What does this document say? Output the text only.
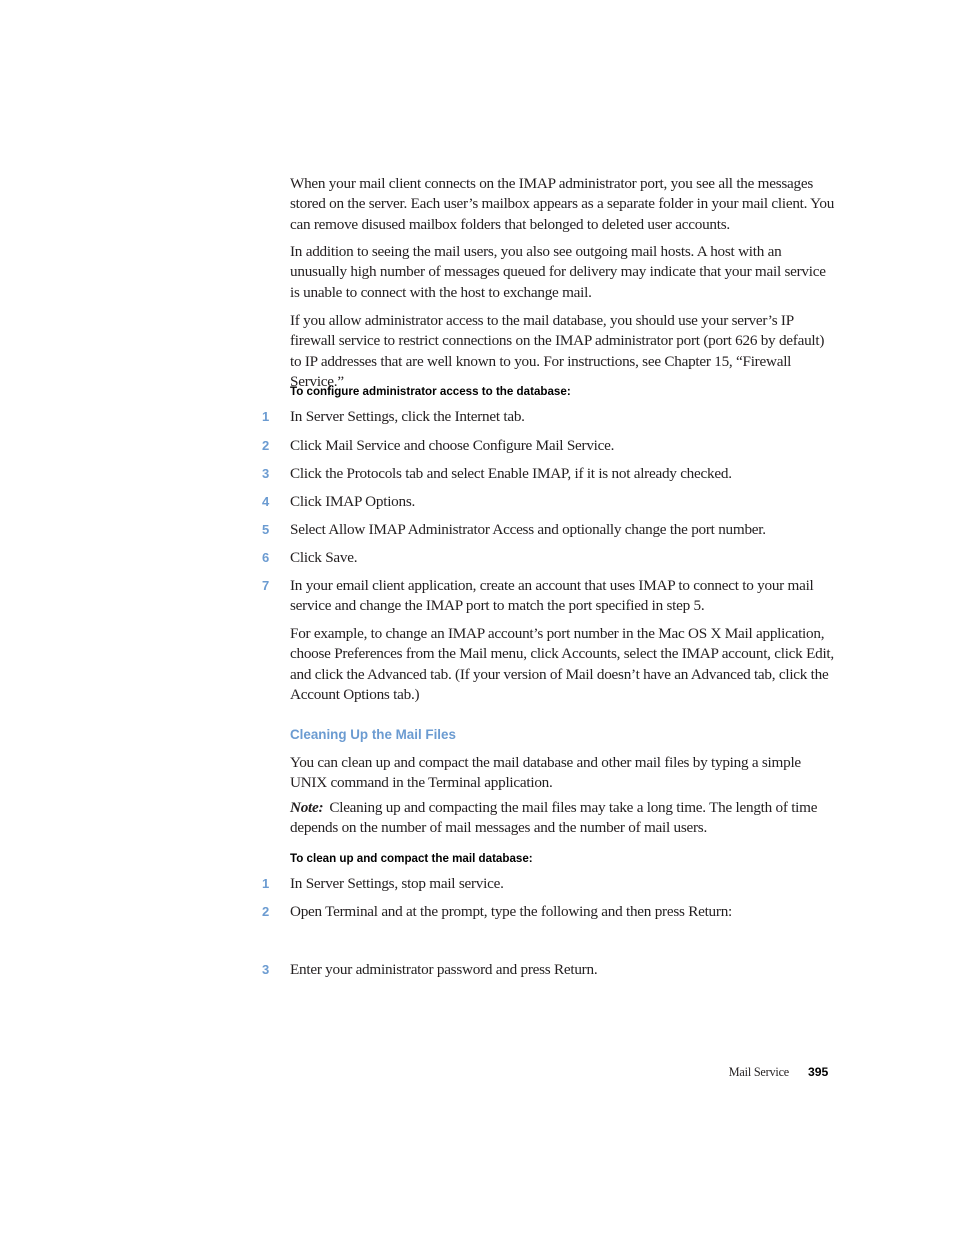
When your mail client connects on the IMAP administrator port, you see all the messages stored on the server. Each user’s mailbox appears as a separate folder in your mail client. You can remove disused mailbox folders that belonged to deleted user accounts.

In addition to seeing the mail users, you also see outgoing mail hosts. A host with an unusually high number of messages queued for delivery may indicate that your mail service is unable to connect with the host to exchange mail.

If you allow administrator access to the mail database, you should use your server’s IP firewall service to restrict connections on the IMAP administrator port (port 626 by default) to IP addresses that are well known to you. For instructions, see Chapter 15, “Firewall Service.”

To configure administrator access to the database:

1 In Server Settings, click the Internet tab.

2 Click Mail Service and choose Configure Mail Service.

3 Click the Protocols tab and select Enable IMAP, if it is not already checked.

4 Click IMAP Options.

5 Select Allow IMAP Administrator Access and optionally change the port number.

6 Click Save.

7 In your email client application, create an account that uses IMAP to connect to your mail service and change the IMAP port to match the port specified in step 5.

For example, to change an IMAP account’s port number in the Mac OS X Mail application, choose Preferences from the Mail menu, click Accounts, select the IMAP account, click Edit, and click the Advanced tab. (If your version of Mail doesn’t have an Advanced tab, click the Account Options tab.)

Cleaning Up the Mail Files

You can clean up and compact the mail database and other mail files by typing a simple UNIX command in the Terminal application.

Note: Cleaning up and compacting the mail files may take a long time. The length of time depends on the number of mail messages and the number of mail users.

To clean up and compact the mail database:

1 In Server Settings, stop mail service.

2 Open Terminal and at the prompt, type the following and then press Return:

3 Enter your administrator password and press Return.

Mail Service 395
